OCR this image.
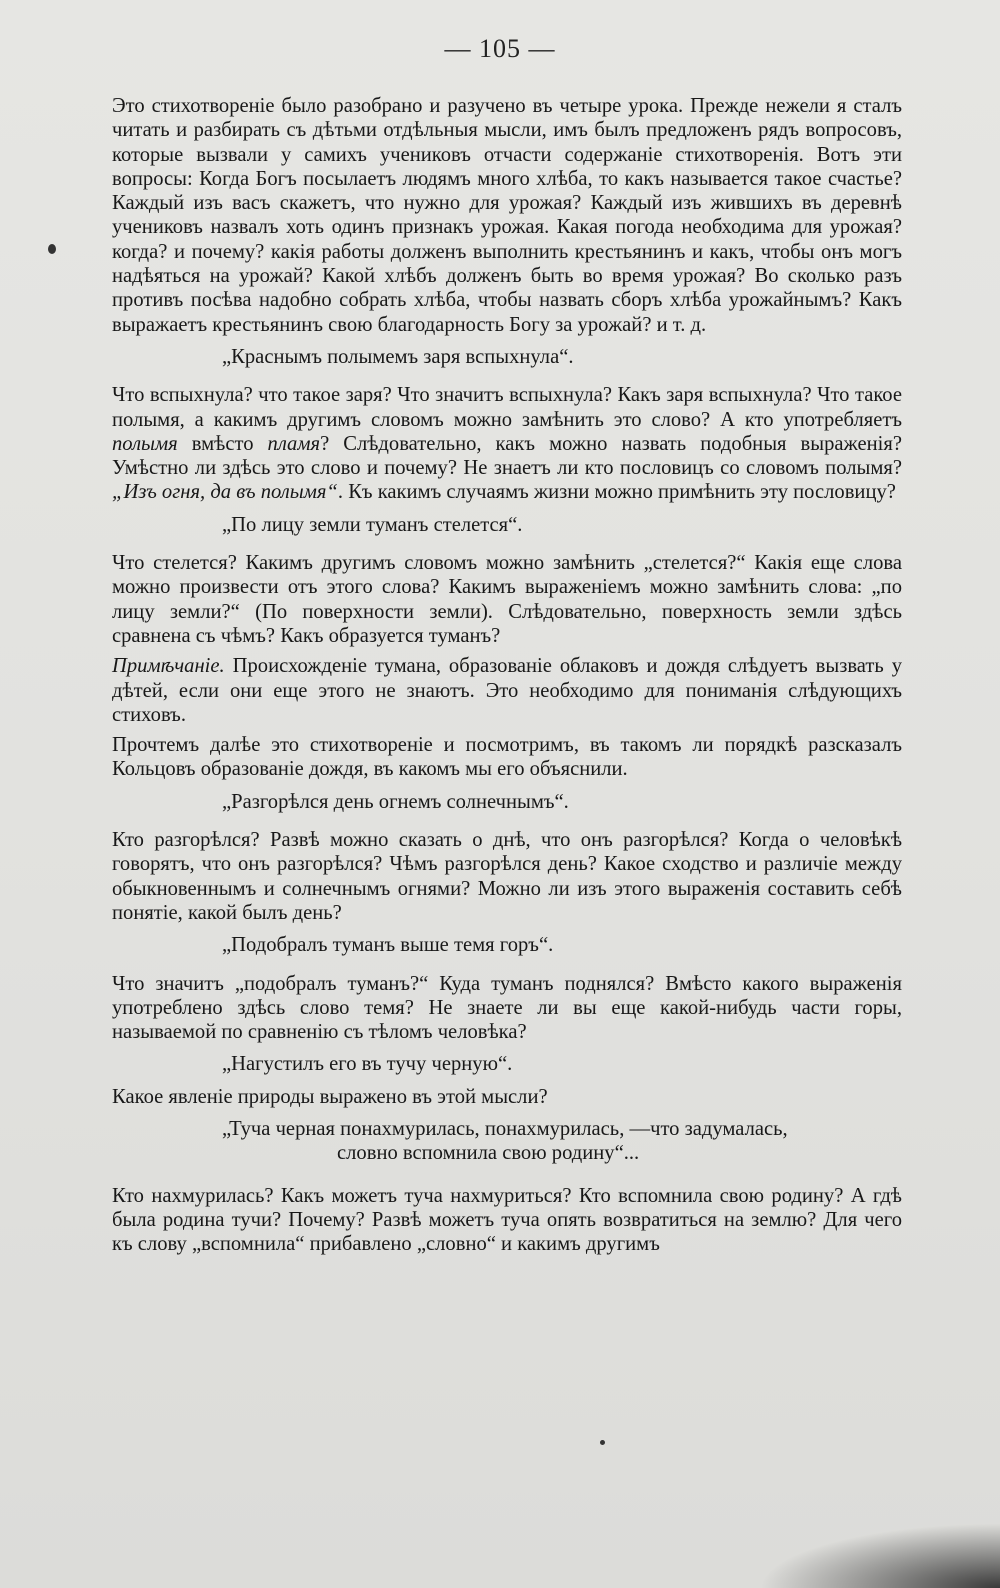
— 105 —

Это стихотвореніе было разобрано и разучено въ четыре урока. Прежде нежели я сталъ читать и разбирать съ дѣтьми отдѣльныя мысли, имъ былъ предложенъ рядъ вопросовъ, которые вызвали у самихъ учениковъ отчасти содержаніе стихотворенія. Вотъ эти вопросы: Когда Богъ посылаетъ людямъ много хлѣба, то какъ называется такое счастье? Каждый изъ васъ скажетъ, что нужно для урожая? Каждый изъ жившихъ въ деревнѣ учениковъ назвалъ хоть одинъ признакъ урожая. Какая погода необходима для урожая? когда? и почему? какія работы долженъ выполнить крестьянинъ и какъ, чтобы онъ могъ надѣяться на урожай? Какой хлѣбъ долженъ быть во время урожая? Во сколько разъ противъ посѣва надобно собрать хлѣба, чтобы назвать сборъ хлѣба урожайнымъ? Какъ выражаетъ крестьянинъ свою благодарность Богу за урожай? и т. д.

„Краснымъ полымемъ заря вспыхнула“.

Что вспыхнула? что такое заря? Что значитъ вспыхнула? Какъ заря вспыхнула? Что такое полымя, а какимъ другимъ словомъ можно замѣнить это слово? А кто употребляетъ полымя вмѣсто пламя? Слѣдовательно, какъ можно назвать подобныя выраженія? Умѣстно ли здѣсь это слово и почему? Не знаетъ ли кто пословицъ со словомъ полымя? „Изъ огня, да въ полымя“. Къ какимъ случаямъ жизни можно примѣнить эту пословицу?

„По лицу земли туманъ стелется“.

Что стелется? Какимъ другимъ словомъ можно замѣнить „стелется?“ Какія еще слова можно произвести отъ этого слова? Какимъ выраженіемъ можно замѣнить слова: „по лицу земли?“ (По поверхности земли). Слѣдовательно, поверхность земли здѣсь сравнена съ чѣмъ? Какъ образуется туманъ?

Примѣчаніе. Происхожденіе тумана, образованіе облаковъ и дождя слѣдуетъ вызвать у дѣтей, если они еще этого не знаютъ. Это необходимо для пониманія слѣдующихъ стиховъ.

Прочтемъ далѣе это стихотвореніе и посмотримъ, въ такомъ ли порядкѣ разсказалъ Кольцовъ образованіе дождя, въ какомъ мы его объяснили.

„Разгорѣлся день огнемъ солнечнымъ“.

Кто разгорѣлся? Развѣ можно сказать о днѣ, что онъ разгорѣлся? Когда о человѣкѣ говорятъ, что онъ разгорѣлся? Чѣмъ разгорѣлся день? Какое сходство и различіе между обыкновеннымъ и солнечнымъ огнями? Можно ли изъ этого выраженія составить себѣ понятіе, какой былъ день?

„Подобралъ туманъ выше темя горъ“.

Что значитъ „подобралъ туманъ?“ Куда туманъ поднялся? Вмѣсто какого выраженія употреблено здѣсь слово темя? Не знаете ли вы еще какой-нибудь части горы, называемой по сравненію съ тѣломъ человѣка?

„Нагустилъ его въ тучу черную“.

Какое явленіе природы выражено въ этой мысли?

„Туча черная понахмурилась, понахмурилась, —что задумалась,
словно вспомнила свою родину“...

Кто нахмурилась? Какъ можетъ туча нахмуриться? Кто вспомнила свою родину? А гдѣ была родина тучи? Почему? Развѣ можетъ туча опять возвратиться на землю? Для чего къ слову „вспомнила“ прибавлено „словно“ и какимъ другимъ
